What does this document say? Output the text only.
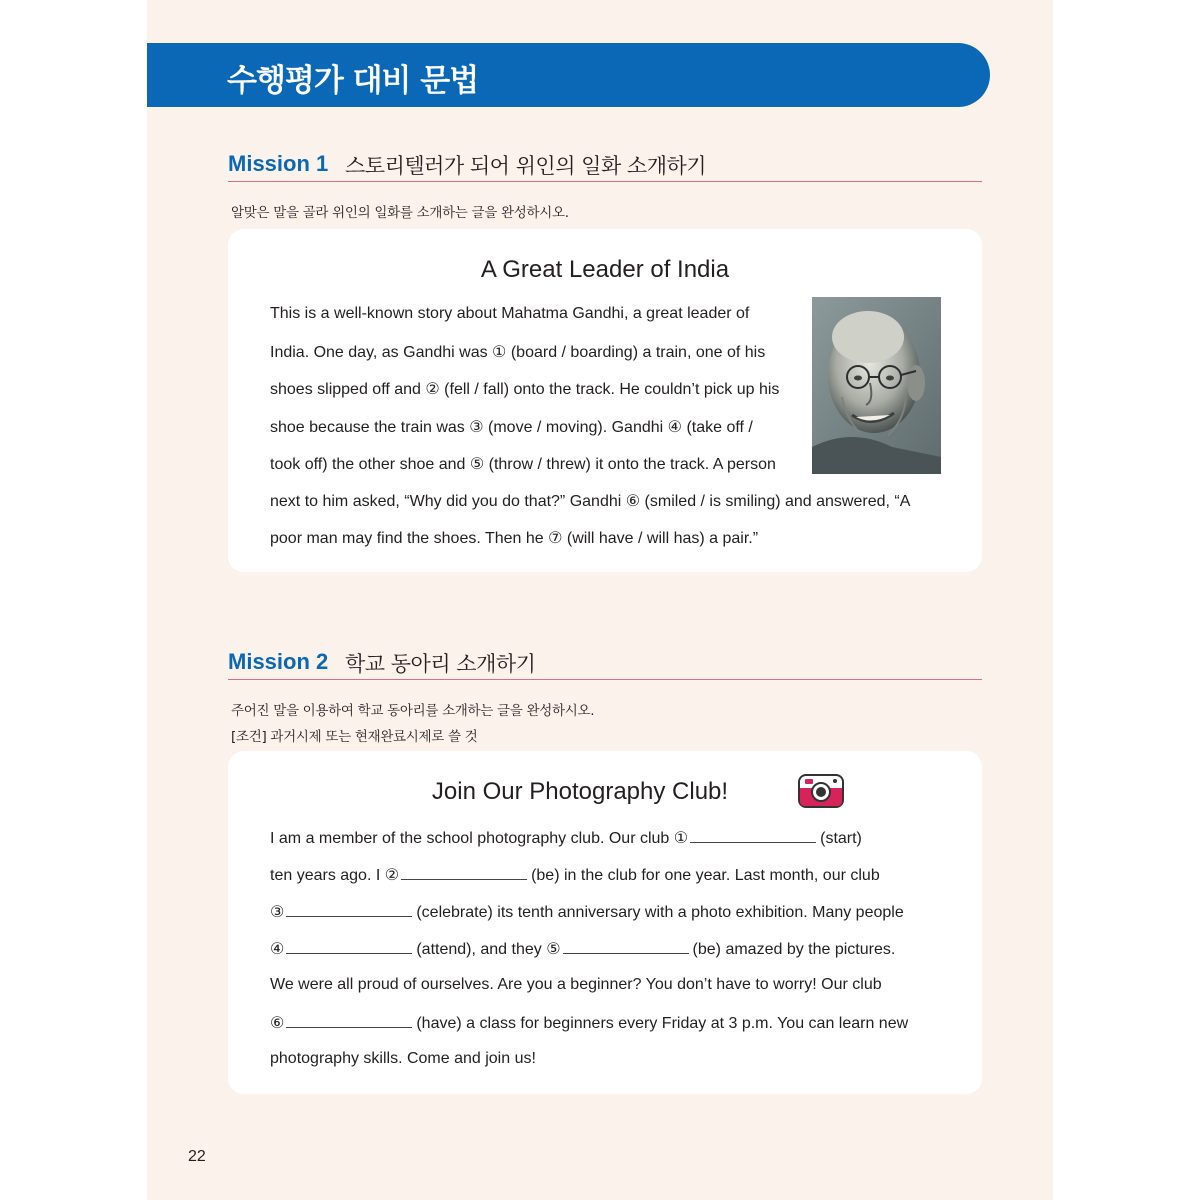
수행평가 대비 문법
Mission 1 스토리텔러가 되어 위인의 일화 소개하기
알맞은 말을 골라 위인의 일화를 소개하는 글을 완성하시오.
A Great Leader of India
This is a well-known story about Mahatma Gandhi, a great leader of
India. One day, as Gandhi was ① (board / boarding) a train, one of his
shoes slipped off and ② (fell / fall) onto the track. He couldn’t pick up his
shoe because the train was ③ (move / moving). Gandhi ④ (take off /
took off) the other shoe and ⑤ (throw / threw) it onto the track. A person
next to him asked, “Why did you do that?” Gandhi ⑥ (smiled / is smiling) and answered, “A
poor man may find the shoes. Then he ⑦ (will have / will has) a pair.”
Mission 2 학교 동아리 소개하기
주어진 말을 이용하여 학교 동아리를 소개하는 글을 완성하시오.
[조건] 과거시제 또는 현재완료시제로 쓸 것
Join Our Photography Club!
I am a member of the school photography club. Our club ①	(start)
ten years ago. I ②	(be) in the club for one year. Last month, our club
③	(celebrate) its tenth anniversary with a photo exhibition. Many people
④	(attend), and they ⑤	(be) amazed by the pictures.
We were all proud of ourselves. Are you a beginner? You don’t have to worry! Our club
⑥	(have) a class for beginners every Friday at 3 p.m. You can learn new
photography skills. Come and join us!
22
